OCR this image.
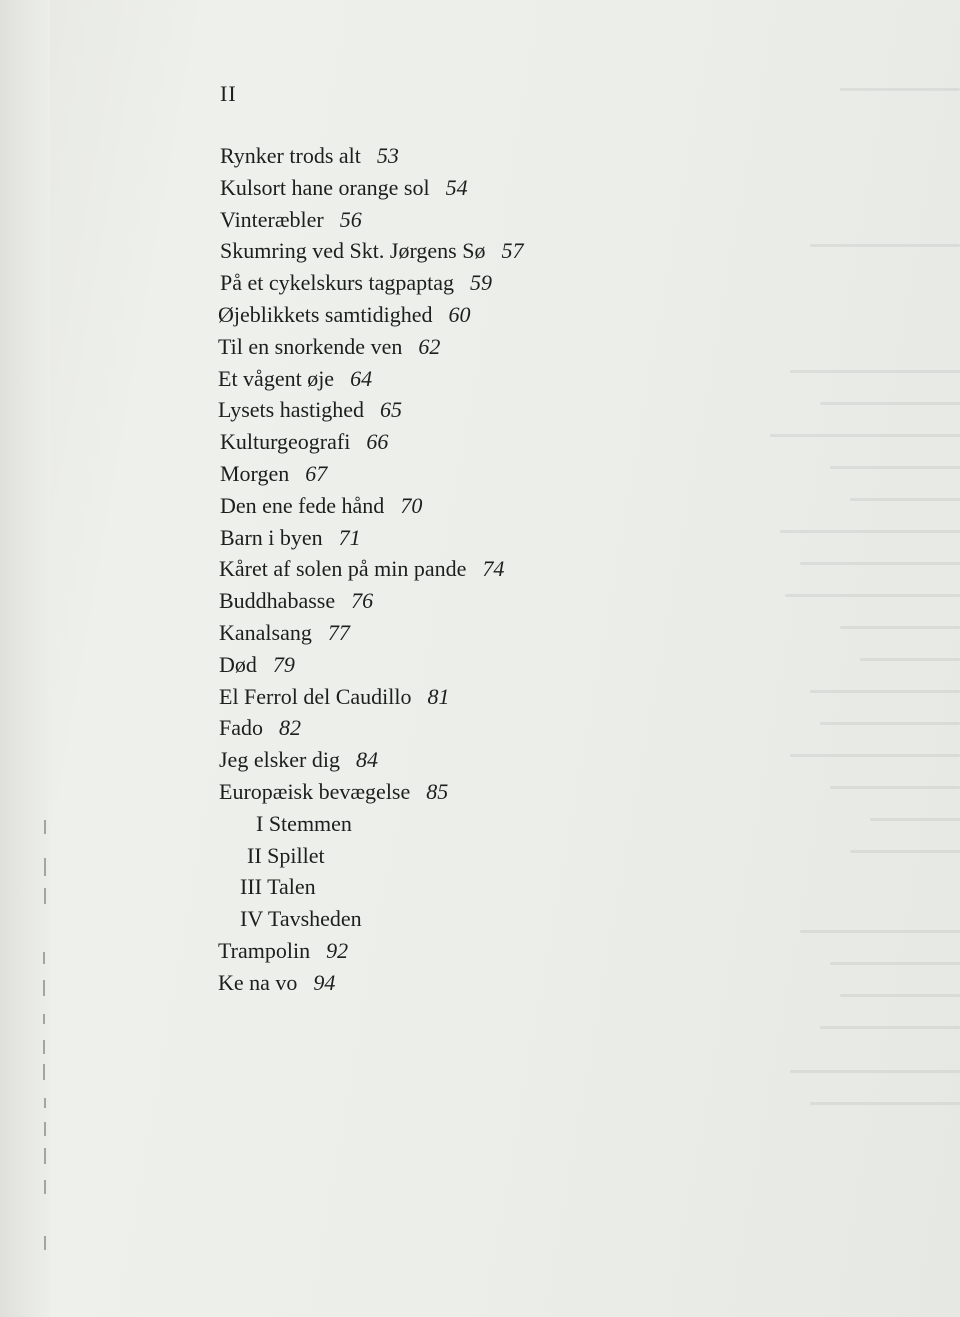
II
Rynker trods alt 53
Kulsort hane orange sol 54
Vinteræbler 56
Skumring ved Skt. Jørgens Sø 57
På et cykelskurs tagpaptag 59
Øjeblikkets samtidighed 60
Til en snorkende ven 62
Et vågent øje 64
Lysets hastighed 65
Kulturgeografi 66
Morgen 67
Den ene fede hånd 70
Barn i byen 71
Kåret af solen på min pande 74
Buddhabasse 76
Kanalsang 77
Død 79
El Ferrol del Caudillo 81
Fado 82
Jeg elsker dig 84
Europæisk bevægelse 85
I Stemmen
II Spillet
III Talen
IV Tavsheden
Trampolin 92
Ke na vo 94
